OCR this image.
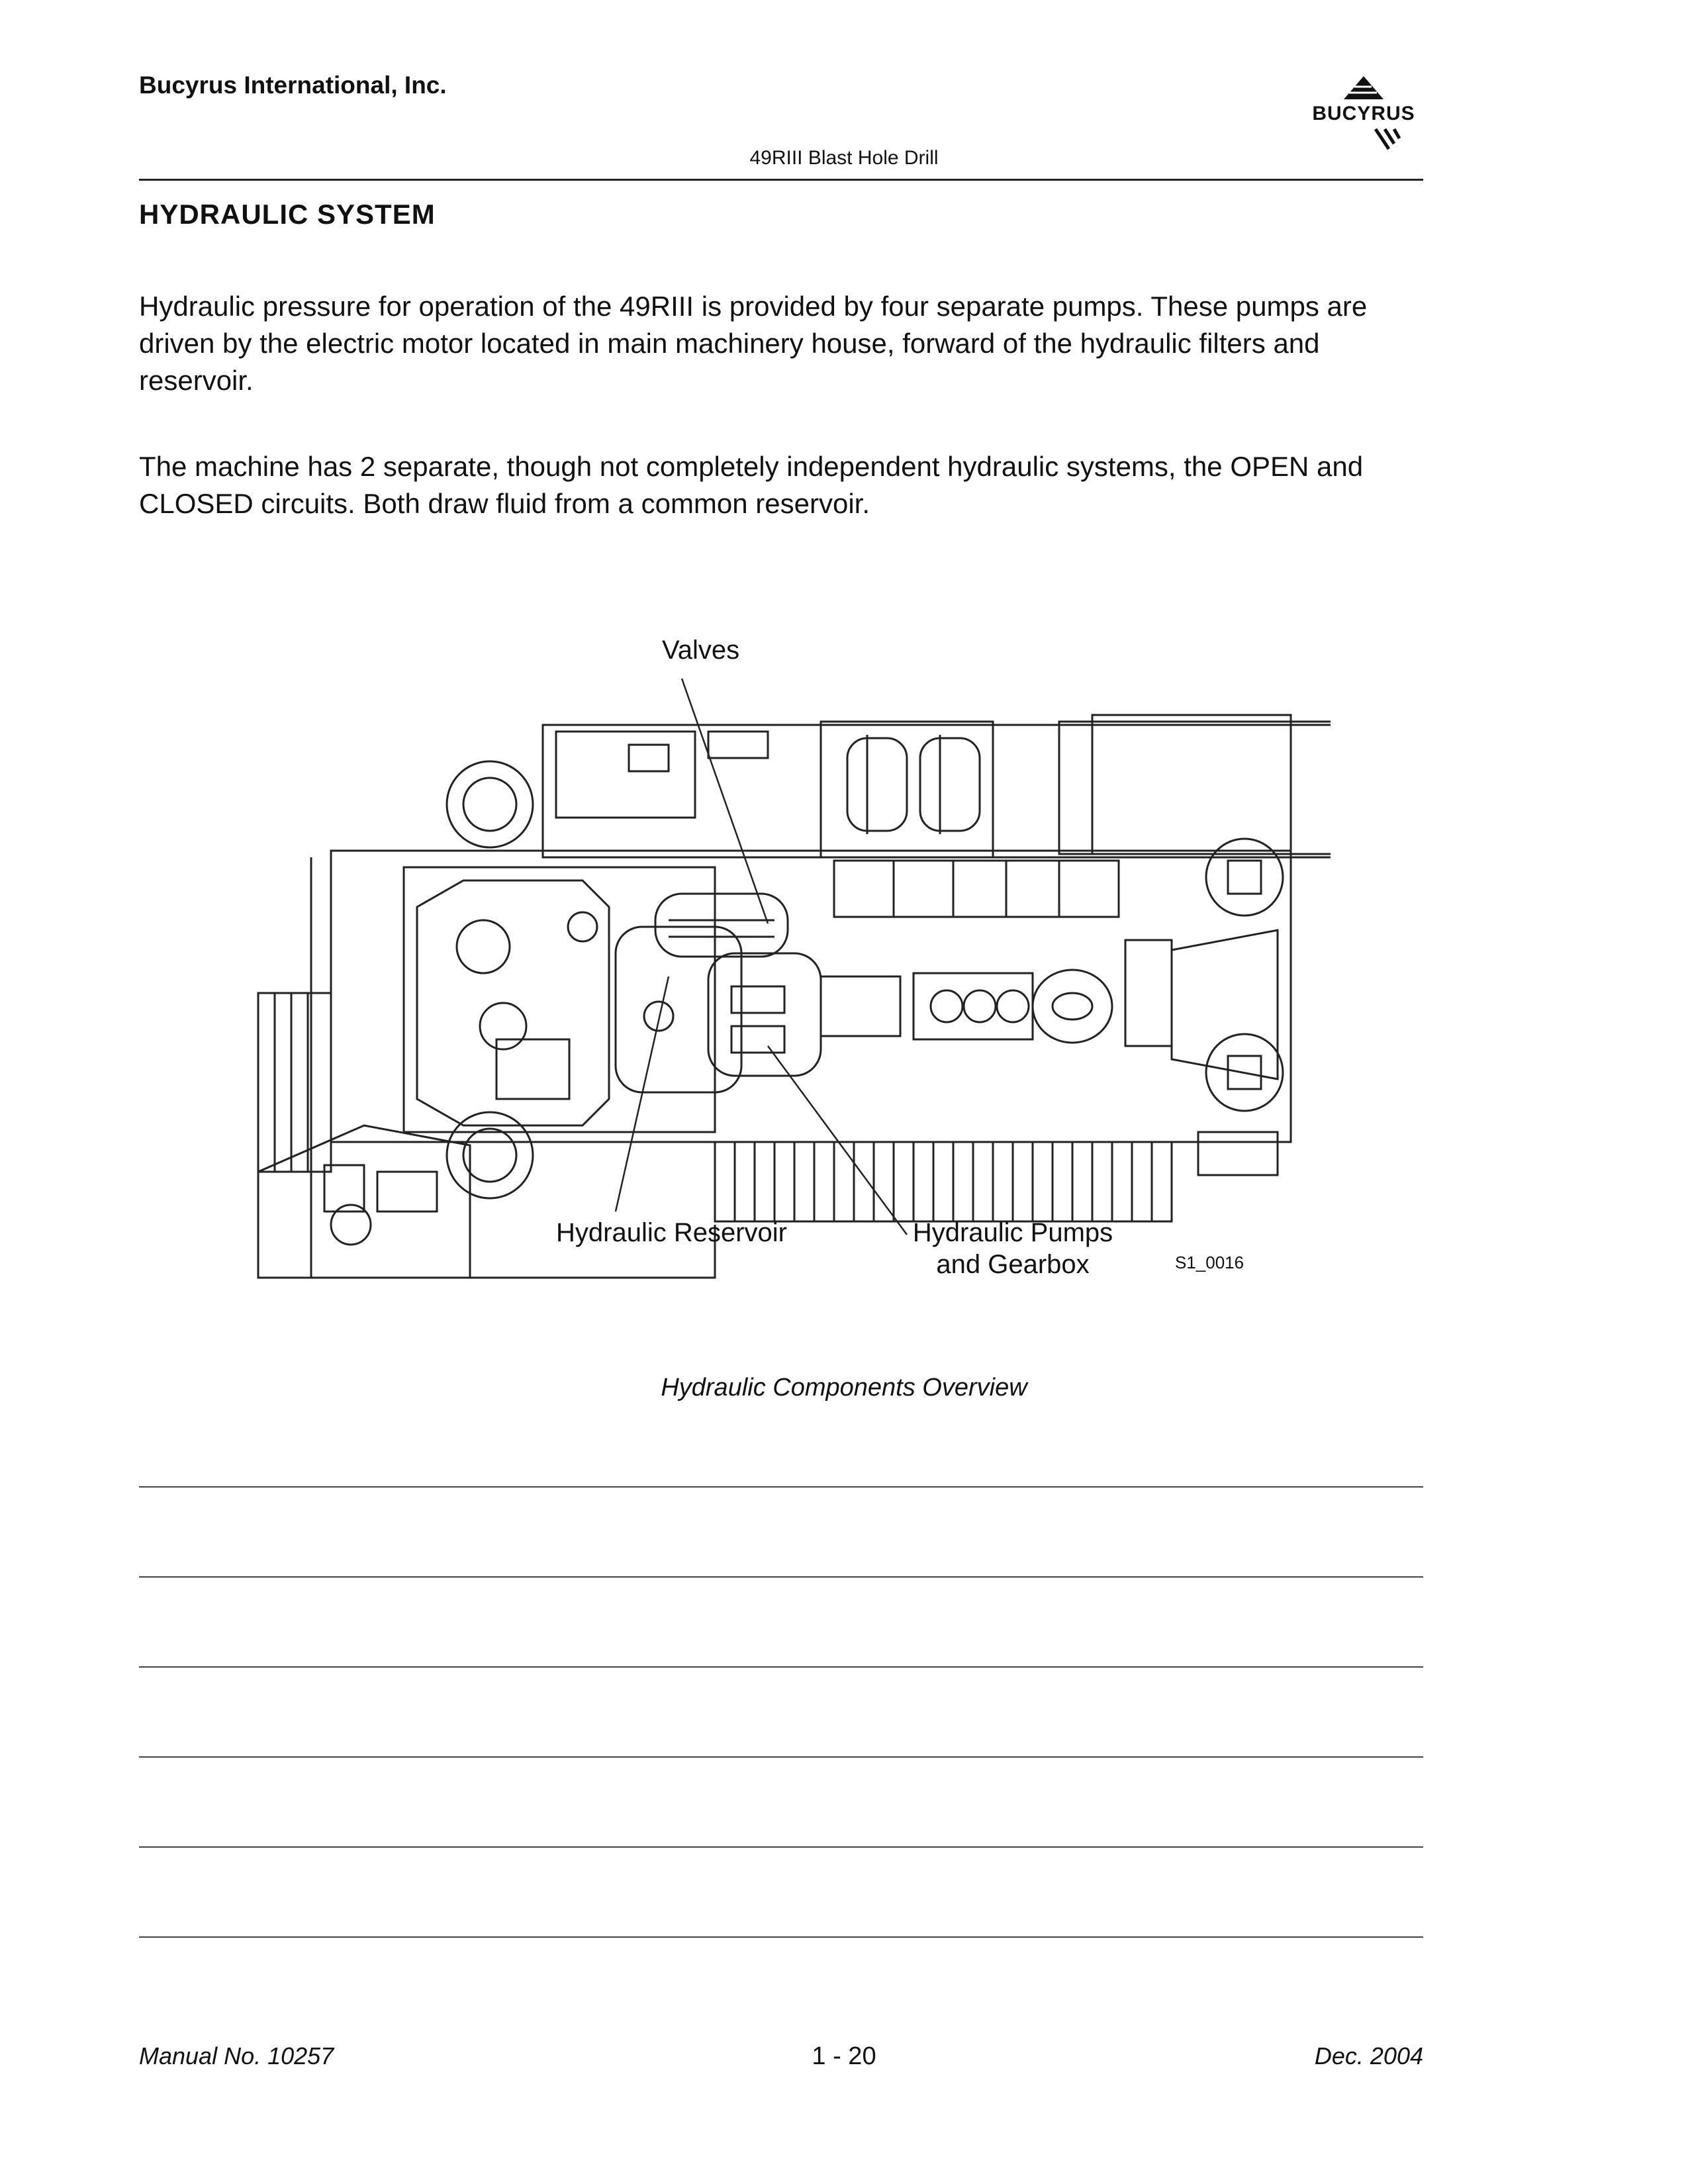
Bucyrus International, Inc.
BUCYRUS
49RIII Blast Hole Drill
HYDRAULIC SYSTEM
Hydraulic pressure for operation of the 49RIII is provided by four separate pumps. These pumps are driven by the electric motor located in main machinery house, forward of the hydraulic filters and reservoir.
The machine has 2 separate, though not completely independent hydraulic systems, the OPEN and CLOSED circuits. Both draw fluid from a common reservoir.
Valves
Hydraulic Reservoir	Hydraulic Pumps
and Gearbox	S1_0016
Hydraulic Components Overview
Manual No. 10257	1 - 20	Dec. 2004
